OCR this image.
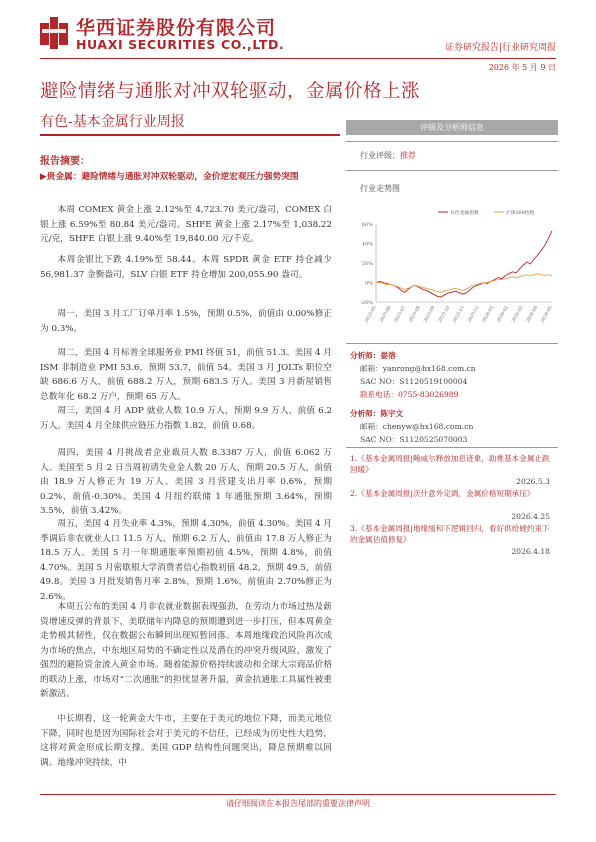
华西证券股份有限公司
HUAXI SECURITIES CO.,LTD.	证券研究报告|行业研究周报
2026 年 5 月 9 日
避险情绪与通胀对冲双轮驱动，金属价格上涨
有色-基本金属行业周报
报告摘要：
▶贵金属：避险情绪与通胀对冲双轮驱动，金价逆宏观压力强势突围

本周 COMEX 黄金上涨 2.12%至 4,723.70 美元/盎司，COMEX 白银上涨 6.59%至 80.84 美元/盎司。SHFE 黄金上涨 2.17%至 1,038.22 元/克，SHFE 白银上涨 9.40%至 19,840.00 元/千克。

本周金银比下跌 4.19%至 58.44。本周 SPDR 黄金 ETF 持仓减少 56,981.37 金衡盎司，SLV 白银 ETF 持仓增加 200,055.90 盎司。

周一，美国 3 月工厂订单月率 1.5%，预期 0.5%，前值由 0.00%修正为 0.3%。

周二，美国 4 月标普全球服务业 PMI 终值 51，前值 51.3。美国 4 月 ISM 非制造业 PMI 53.6，预期 53.7，前值 54。美国 3 月 JOLTs 职位空缺 686.6 万人，前值 688.2 万人，预期 683.5 万人。美国 3 月新屋销售总数年化 68.2 万户，预期 65 万人。

周三，美国 4 月 ADP 就业人数 10.9 万人，预期 9.9 万人，前值 6.2 万人。美国 4 月全球供应链压力指数 1.82，前值 0.68。

周四，美国 4 月挑战者企业裁员人数 8.3387 万人，前值 6.062 万人。美国至 5 月 2 日当周初请失业金人数 20 万人，预期 20.5 万人，前值由 18.9 万人修正为 19 万人。美国 3 月营建支出月率 0.6%，预期 0.2%，前值-0.30%。美国 4 月纽约联储 1 年通胀预期 3.64%，预期 3.5%，前值 3.42%。

周五，美国 4 月失业率 4.3%，预期 4.30%，前值 4.30%。美国 4 月季调后非农就业人口 11.5 万人，预期 6.2 万人，前值由 17.8 万人修正为 18.5 万人。美国 5 月一年期通胀率预期初值 4.5%，预期 4.8%，前值 4.70%。美国 5 月密歇根大学消费者信心指数初值 48.2，预期 49.5，前值 49.8。美国 3 月批发销售月率 2.8%，预期 1.6%，前值由 2.70%修正为 2.6%。

本周五公布的美国 4 月非农就业数据表现强劲，在劳动力市场过热及薪资增速反弹的背景下，美联储年内降息的预期遭到进一步打压，但本周黄金走势极其韧性，仅在数据公布瞬间出现短暂回落。本周地缘政治风险再次成为市场的焦点，中东地区局势的不确定性以及潜在的冲突升级风险，激发了强烈的避险资金流入黄金市场。随着能源价格持续波动和全球大宗商品价格的联动上涨，市场对“二次通胀”的担忧显著升温，黄金抗通胀工具属性被重新激活。

中长期看，这一轮黄金大牛市，主要在于美元的地位下降，而美元地位下降，同时也是因为国际社会对于美元的不信任，已经成为历史性大趋势，这将对黄金形成长期支撑。美国 GDP 结构性问题突出，降息预期难以回调。地缘冲突持续，中

评级及分析师信息
行业评级：推荐
行业走势图
-20%
0%
20%
40%
60%
2025-05 2025-06 2025-07 2025-08 2025-09 2025-10 2025-11 2025-12 2026-01 2026-02 2026-03 2026-04 2026-05
有色金属指数	沪深300指数
分析师：晏溶
邮箱：yanrong@hx168.com.cn
SAC NO：S1120519100004
联系电话：0755-83026989
分析师：陈宇文
邮箱：chenyw@hx168.com.cn
SAC NO：S1120525070003
1.《基本金属周报|鲍威尔释放加息迹象，助推基本金属止跌回暖》
2026.5.3
2.《基本金属周报|沃什意外定调，金属价格短期承压》
2026.4.25
3.《基本金属周报|地缘缓和下逻辑回归，看好供给硬约束下的金属估值修复》
2026.4.18
请仔细阅读在本报告尾部的重要法律声明
